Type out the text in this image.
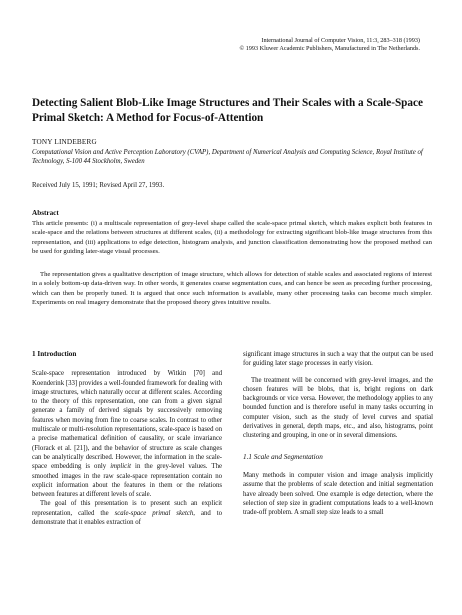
International Journal of Computer Vision, 11:3, 283–318 (1993)
© 1993 Kluwer Academic Publishers, Manufactured in The Netherlands.
Detecting Salient Blob-Like Image Structures and Their Scales with a Scale-Space Primal Sketch: A Method for Focus-of-Attention
TONY LINDEBERG
Computational Vision and Active Perception Laboratory (CVAP), Department of Numerical Analysis and Computing Science, Royal Institute of Technology, S-100 44 Stockholm, Sweden
Received July 15, 1991; Revised April 27, 1993.
Abstract

This article presents: (i) a multiscale representation of grey-level shape called the scale-space primal sketch, which makes explicit both features in scale-space and the relations between structures at different scales, (ii) a methodology for extracting significant blob-like image structures from this representation, and (iii) applications to edge detection, histogram analysis, and junction classification demonstrating how the proposed method can be used for guiding later-stage visual processes.

The representation gives a qualitative description of image structure, which allows for detection of stable scales and associated regions of interest in a solely bottom-up data-driven way. In other words, it generates coarse segmentation cues, and can hence be seen as preceding further processing, which can then be properly tuned. It is argued that once such information is available, many other processing tasks can become much simpler. Experiments on real imagery demonstrate that the proposed theory gives intuitive results.

1 Introduction

Scale-space representation introduced by Witkin [70] and Koenderink [33] provides a well-founded framework for dealing with image structures, which naturally occur at different scales. According to the theory of this representation, one can from a given signal generate a family of derived signals by successively removing features when moving from fine to coarse scales. In contrast to other multiscale or multi-resolution representations, scale-space is based on a precise mathematical definition of causality, or scale invariance (Florack et al. [21]), and the behavior of structure as scale changes can be analytically described. However, the information in the scale-space embedding is only implicit in the grey-level values. The smoothed images in the raw scale-space representation contain no explicit information about the features in them or the relations between features at different levels of scale.

The goal of this presentation is to present such an explicit representation, called the scale-space primal sketch, and to demonstrate that it enables extraction of

significant image structures in such a way that the output can be used for guiding later stage processes in early vision.

The treatment will be concerned with grey-level images, and the chosen features will be blobs, that is, bright regions on dark backgrounds or vice versa. However, the methodology applies to any bounded function and is therefore useful in many tasks occurring in computer vision, such as the study of level curves and spatial derivatives in general, depth maps, etc., and also, histograms, point clustering and grouping, in one or in several dimensions.

1.1 Scale and Segmentation

Many methods in computer vision and image analysis implicitly assume that the problems of scale detection and initial segmentation have already been solved. One example is edge detection, where the selection of step size in gradient computations leads to a well-known trade-off problem. A small step size leads to a small
